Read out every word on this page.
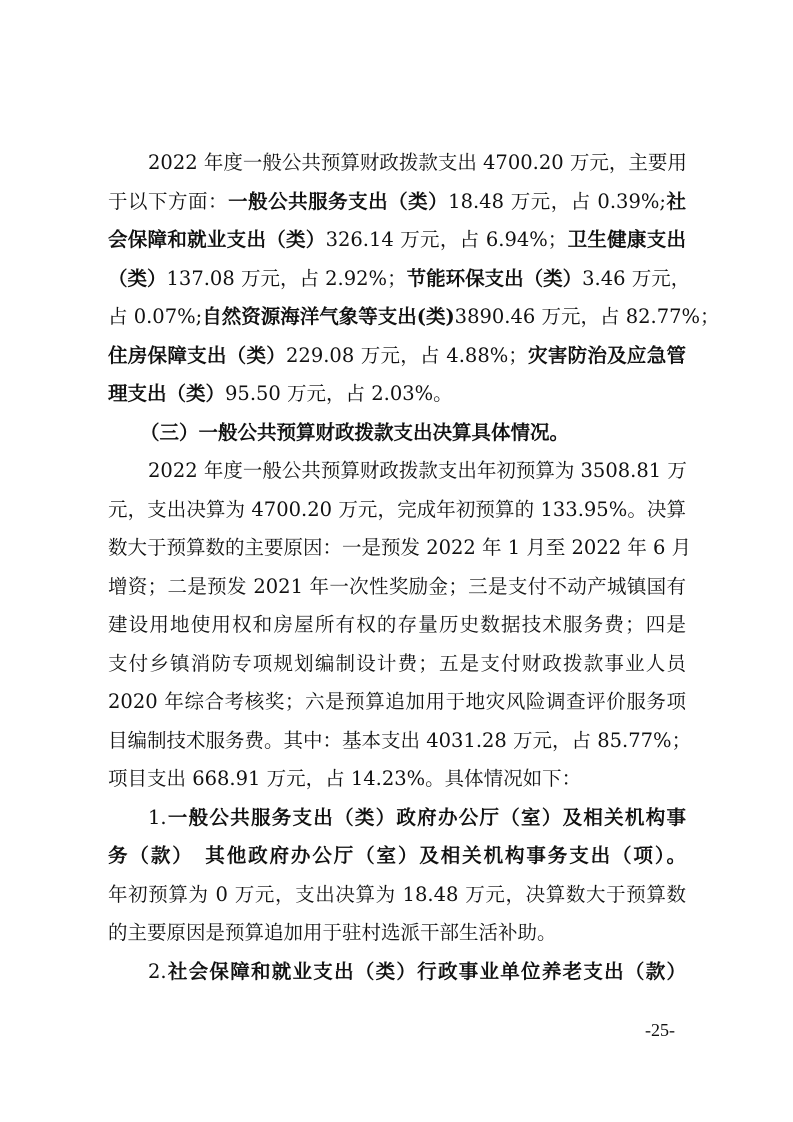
2022 年度一般公共预算财政拨款支出 4700.20 万元，主要用
于以下方面：一般公共服务支出（类）18.48 万元，占 0.39%;社
会保障和就业支出（类）326.14 万元，占 6.94%；卫生健康支出
（类）137.08 万元，占 2.92%；节能环保支出（类）3.46 万元，
占 0.07%;自然资源海洋气象等支出(类)3890.46 万元，占 82.77%；
住房保障支出（类）229.08 万元，占 4.88%；灾害防治及应急管
理支出（类）95.50 万元，占 2.03%。
（三）一般公共预算财政拨款支出决算具体情况。
2022 年度一般公共预算财政拨款支出年初预算为 3508.81 万
元，支出决算为 4700.20 万元，完成年初预算的 133.95%。决算
数大于预算数的主要原因：一是预发 2022 年 1 月至 2022 年 6 月
增资；二是预发 2021 年一次性奖励金；三是支付不动产城镇国有
建设用地使用权和房屋所有权的存量历史数据技术服务费；四是
支付乡镇消防专项规划编制设计费；五是支付财政拨款事业人员
2020 年综合考核奖；六是预算追加用于地灾风险调查评价服务项
目编制技术服务费。其中：基本支出 4031.28 万元，占 85.77%；
项目支出 668.91 万元，占 14.23%。具体情况如下：
1.一般公共服务支出（类）政府办公厅（室）及相关机构事
务（款）　其他政府办公厅（室）及相关机构事务支出（项）。
年初预算为 0 万元，支出决算为 18.48 万元，决算数大于预算数
的主要原因是预算追加用于驻村选派干部生活补助。
2.社会保障和就业支出（类）行政事业单位养老支出（款）
-25-
